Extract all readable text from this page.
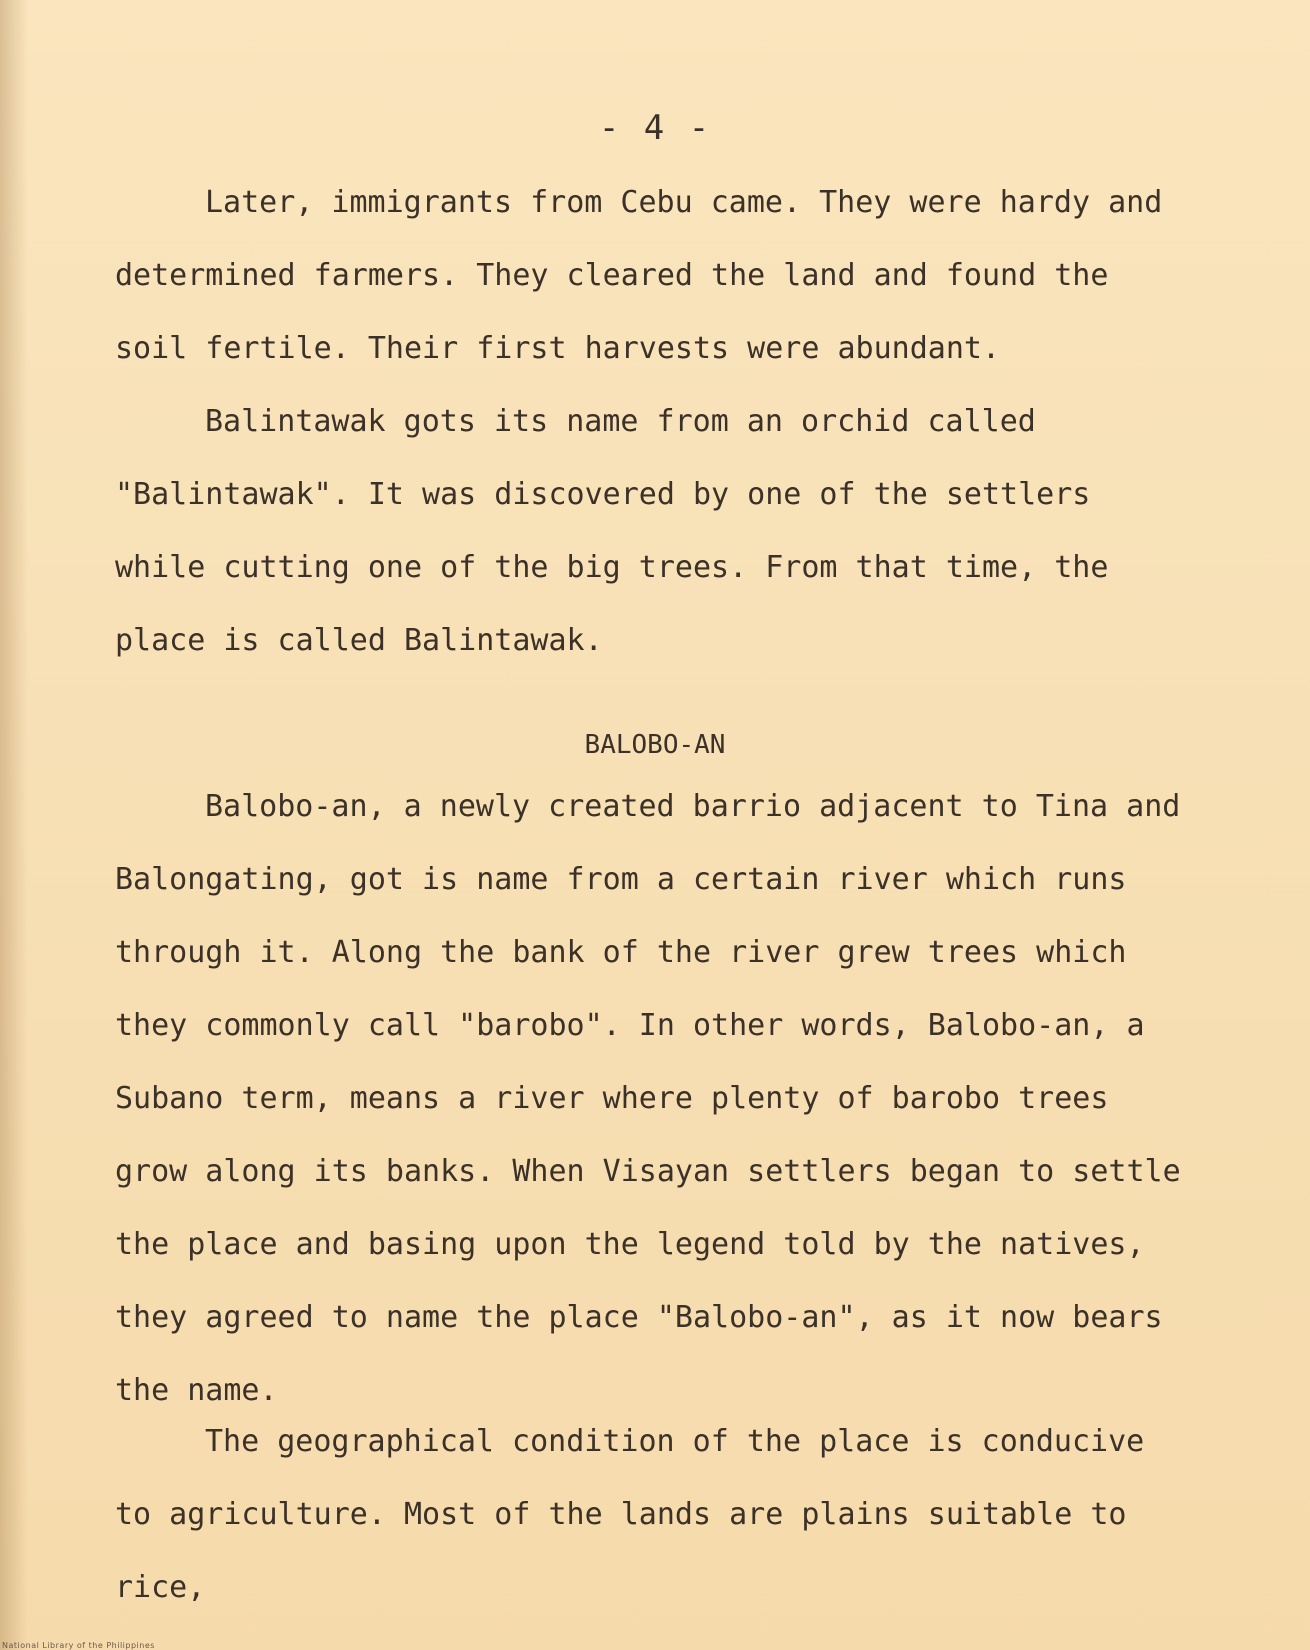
- 4 -

Later, immigrants from Cebu came. They were hardy and determined farmers. They cleared the land and found the soil fertile. Their first harvests were abundant.

Balintawak gots its name from an orchid called "Balintawak". It was discovered by one of the settlers while cutting one of the big trees. From that time, the place is called Balintawak.

BALOBO-AN

Balobo-an, a newly created barrio adjacent to Tina and Balongating, got is name from a certain river which runs through it. Along the bank of the river grew trees which they commonly call "barobo". In other words, Balobo-an, a Subano term, means a river where plenty of barobo trees grow along its banks. When Visayan settlers began to settle the place and basing upon the legend told by the natives, they agreed to name the place "Balobo-an", as it now bears the name.

The geographical condition of the place is conducive to agriculture. Most of the lands are plains suitable to rice,

National Library of the Philippines
